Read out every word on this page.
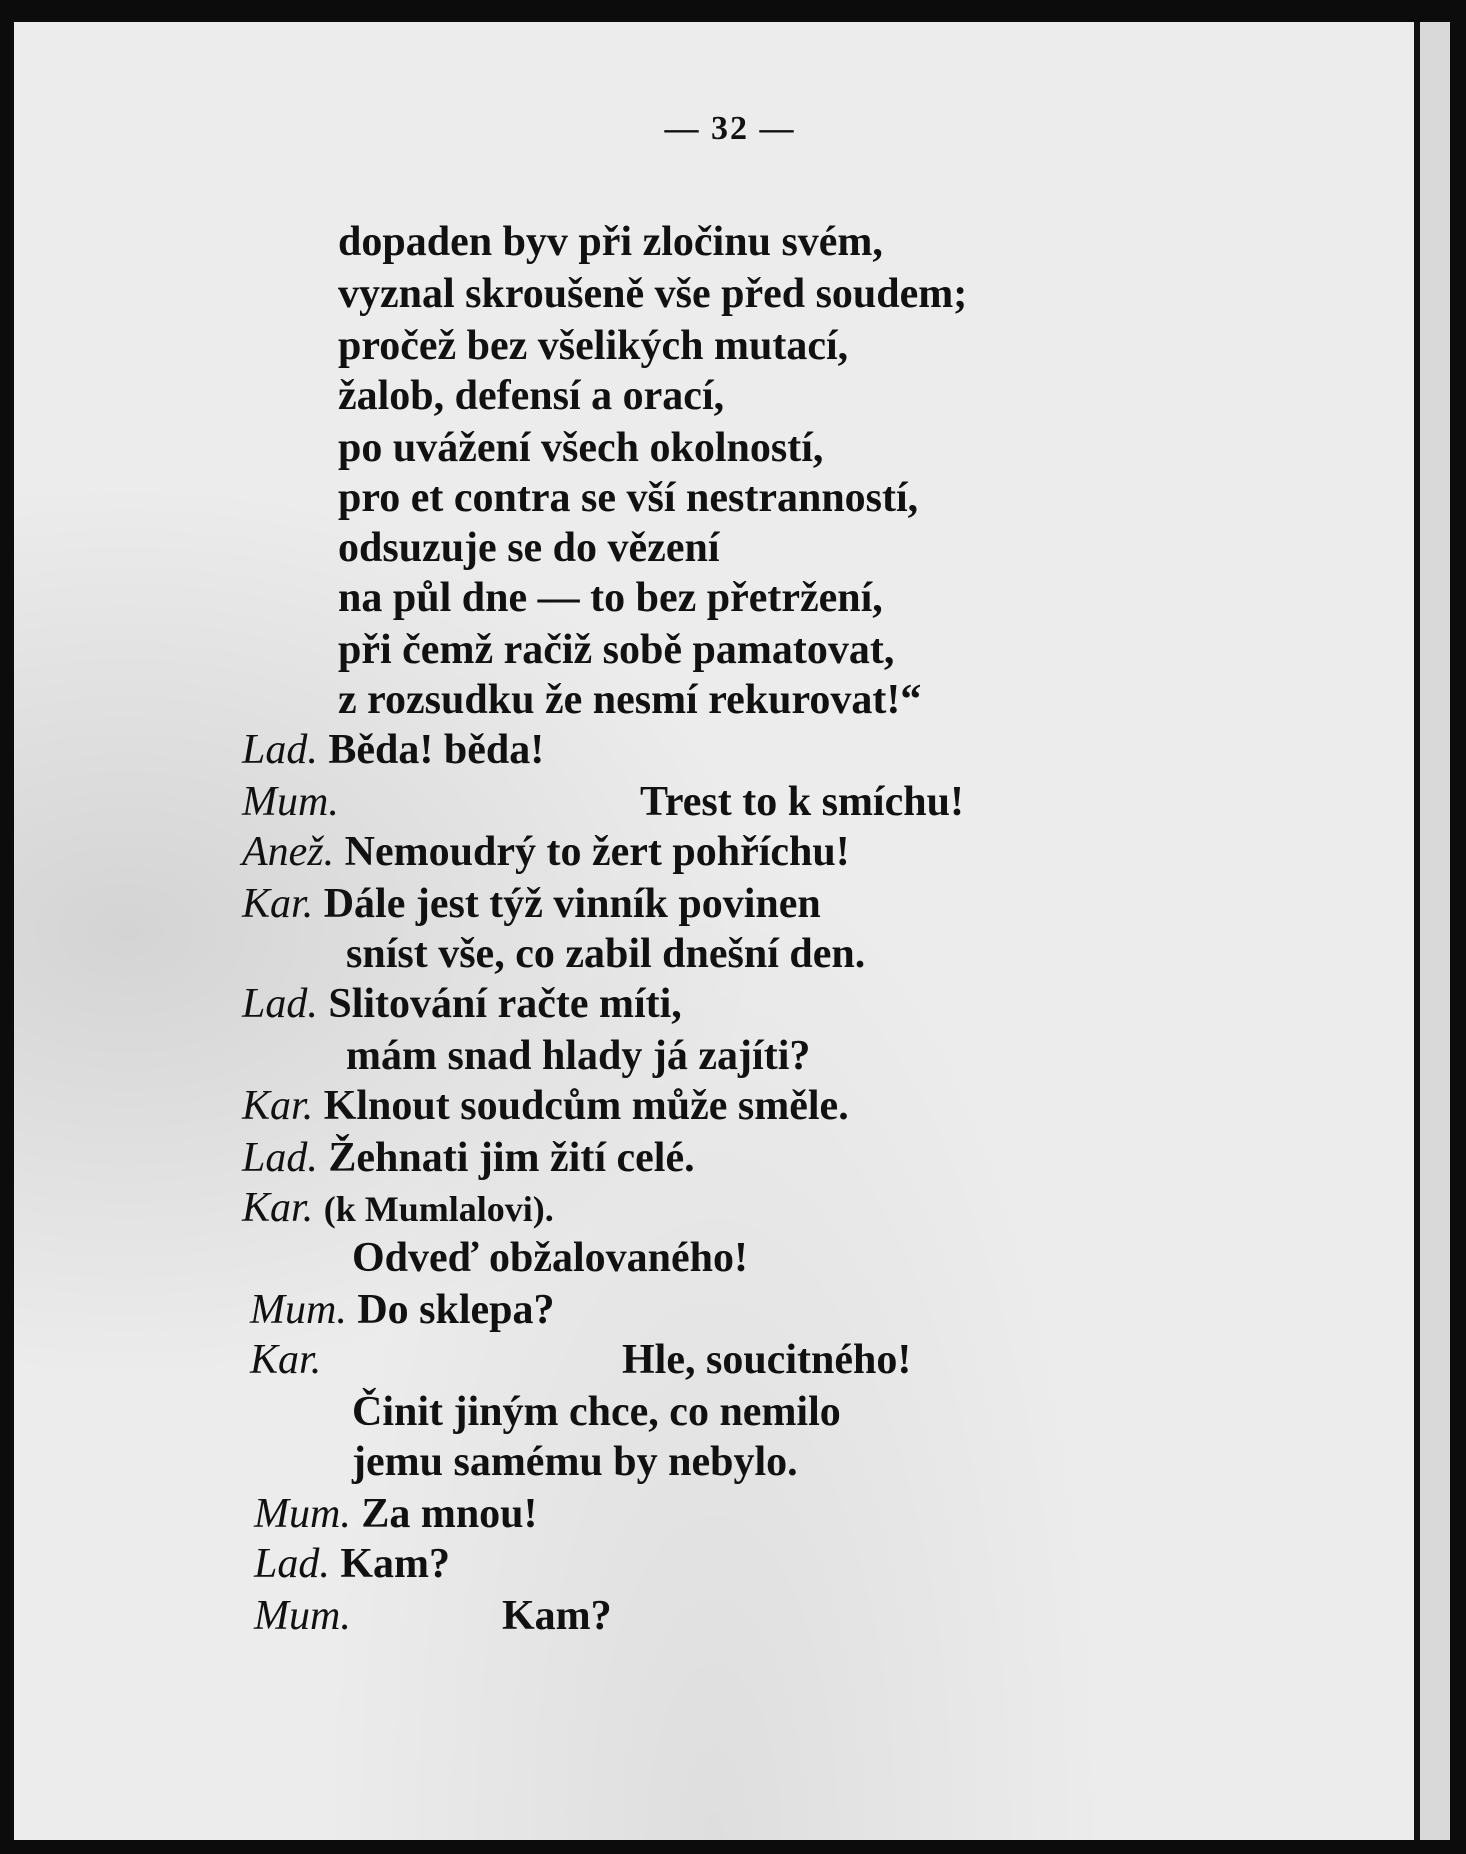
— 32 —
dopaden byv při zločinu svém,
vyznal skroušeně vše před soudem;
pročež bez všelikých mutací,
žalob, defensí a orací,
po uvážení všech okolností,
pro et contra se vší nestranností,
odsuzuje se do vězení
na půl dne — to bez přetržení,
při čemž račiž sobě pamatovat,
z rozsudku že nesmí rekurovat!“
Lad. Běda! běda!
Mum.	Trest to k smíchu!
Anež. Nemoudrý to žert pohříchu!
Kar. Dále jest týž vinník povinen
sníst vše, co zabil dnešní den.
Lad. Slitování račte míti,
mám snad hlady já zajíti?
Kar. Klnout soudcům může směle.
Lad. Žehnati jim žití celé.
Kar. (k Mumlalovi).
Odveď obžalovaného!
Mum. Do sklepa?
Kar.	Hle, soucitného!
Činit jiným chce, co nemilo
jemu samému by nebylo.
Mum. Za mnou!
Lad. Kam?
Mum.	Kam?
